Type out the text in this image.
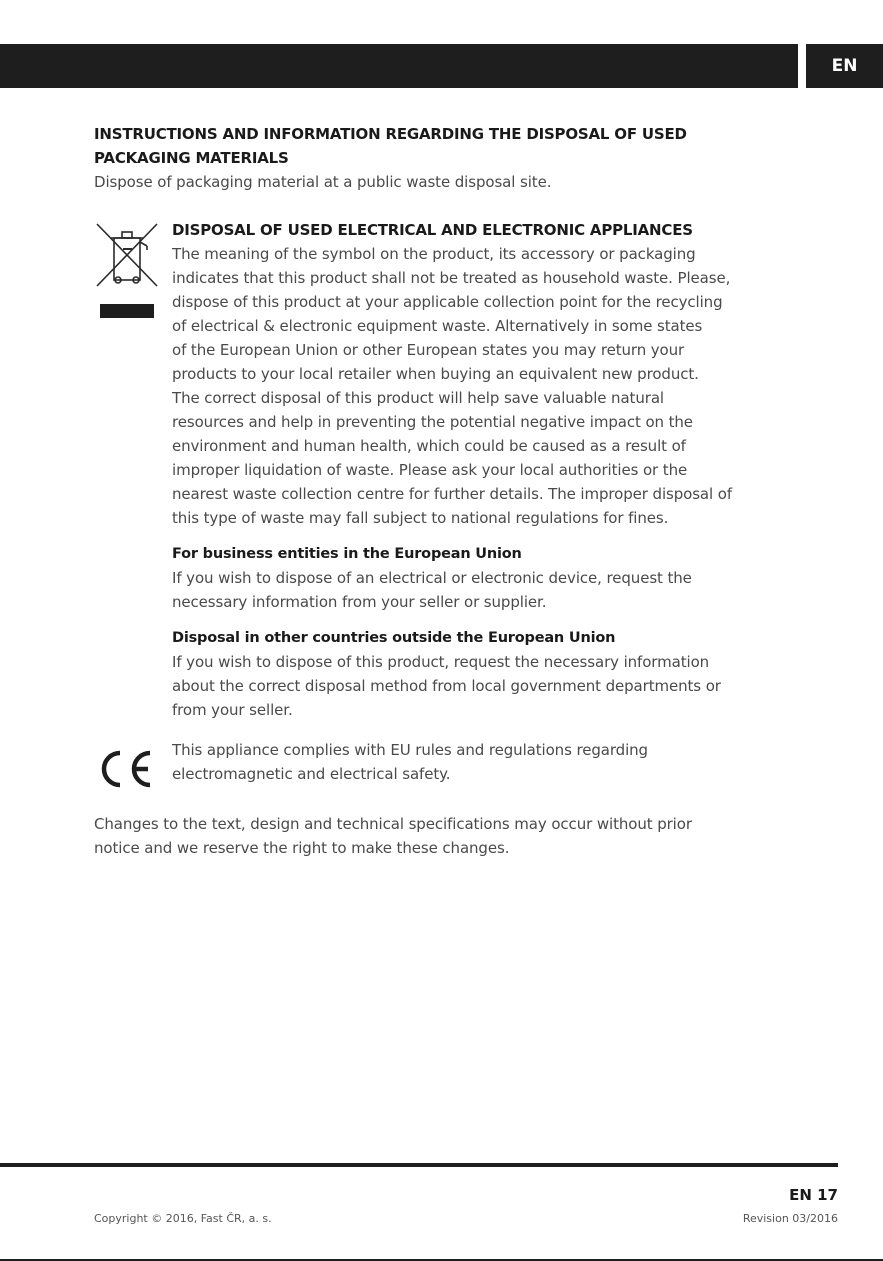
EN
INSTRUCTIONS AND INFORMATION REGARDING THE DISPOSAL OF USED
PACKAGING MATERIALS
Dispose of packaging material at a public waste disposal site.
DISPOSAL OF USED ELECTRICAL AND ELECTRONIC APPLIANCES
The meaning of the symbol on the product, its accessory or packaging
indicates that this product shall not be treated as household waste. Please,
dispose of this product at your applicable collection point for the recycling
of electrical & electronic equipment waste. Alternatively in some states
of the European Union or other European states you may return your
products to your local retailer when buying an equivalent new product.
The correct disposal of this product will help save valuable natural
resources and help in preventing the potential negative impact on the
environment and human health, which could be caused as a result of
improper liquidation of waste. Please ask your local authorities or the
nearest waste collection centre for further details. The improper disposal of
this type of waste may fall subject to national regulations for fines.
For business entities in the European Union
If you wish to dispose of an electrical or electronic device, request the
necessary information from your seller or supplier.
Disposal in other countries outside the European Union
If you wish to dispose of this product, request the necessary information
about the correct disposal method from local government departments or
from your seller.
This appliance complies with EU rules and regulations regarding
electromagnetic and electrical safety.
Changes to the text, design and technical specifications may occur without prior
notice and we reserve the right to make these changes.
EN 17
Copyright © 2016, Fast ČR, a. s.	Revision 03/2016
